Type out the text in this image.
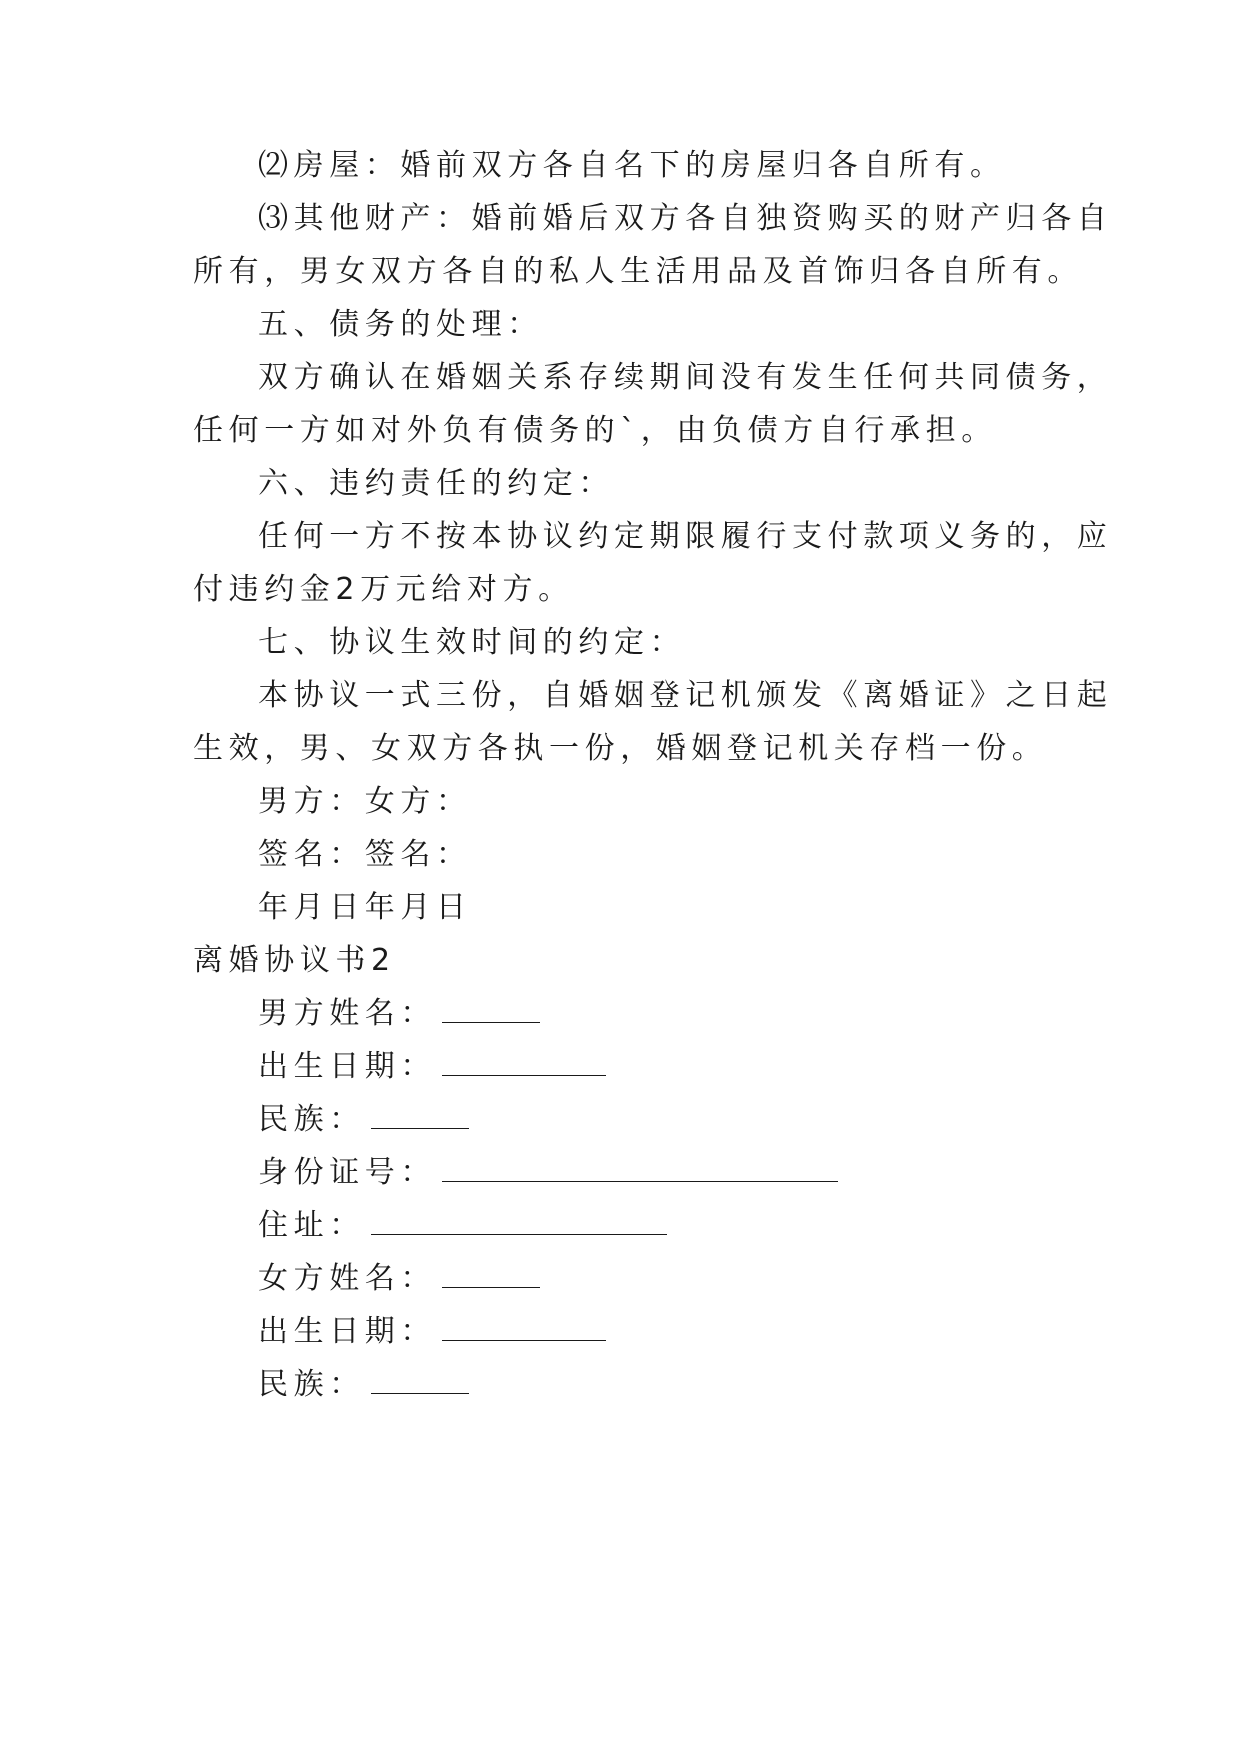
⑵房屋：婚前双方各自名下的房屋归各自所有。

⑶其他财产：婚前婚后双方各自独资购买的财产归各自

所有，男女双方各自的私人生活用品及首饰归各自所有。

五、债务的处理：

双方确认在婚姻关系存续期间没有发生任何共同债务，

任何一方如对外负有债务的`，由负债方自行承担。

六、违约责任的约定：

任何一方不按本协议约定期限履行支付款项义务的，应

付违约金2万元给对方。

七、协议生效时间的约定：

本协议一式三份，自婚姻登记机颁发《离婚证》之日起

生效，男、女双方各执一份，婚姻登记机关存档一份。

男方：女方：

签名：签名：

年月日年月日

离婚协议书2

男方姓名：

出生日期：

民族：

身份证号：

住址：

女方姓名：

出生日期：

民族：
